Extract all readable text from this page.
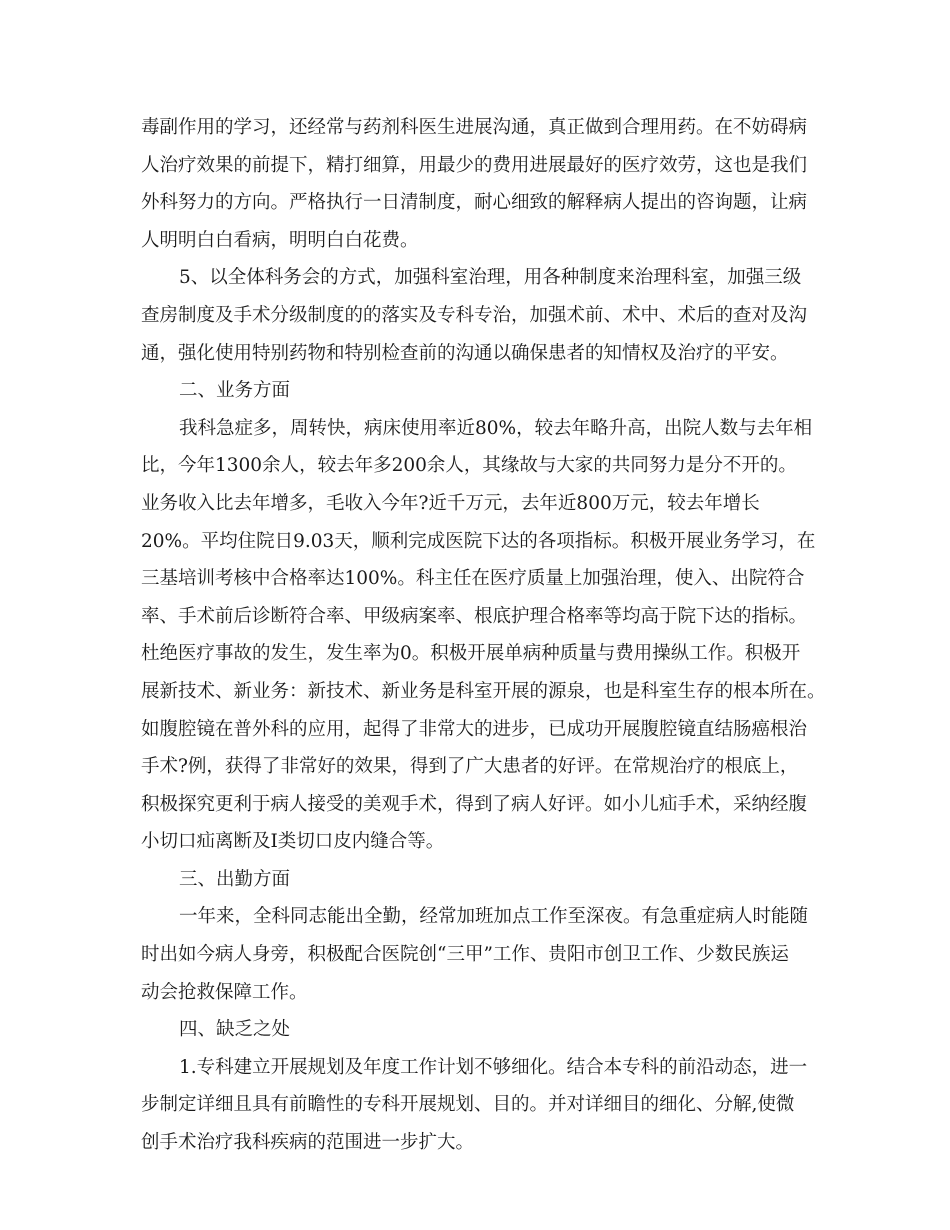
毒副作用的学习，还经常与药剂科医生进展沟通，真正做到合理用药。在不妨碍病
人治疗效果的前提下，精打细算，用最少的费用进展最好的医疗效劳，这也是我们
外科努力的方向。严格执行一日清制度，耐心细致的解释病人提出的咨询题，让病
人明明白白看病，明明白白花费。
5、以全体科务会的方式，加强科室治理，用各种制度来治理科室，加强三级
查房制度及手术分级制度的的落实及专科专治，加强术前、术中、术后的查对及沟
通，强化使用特别药物和特别检查前的沟通以确保患者的知情权及治疗的平安。
二、业务方面
我科急症多，周转快，病床使用率近80%，较去年略升高，出院人数与去年相
比，今年1300余人，较去年多200余人，其缘故与大家的共同努力是分不开的。
业务收入比去年增多，毛收入今年?近千万元，去年近800万元，较去年增长
20%。平均住院日9.03天，顺利完成医院下达的各项指标。积极开展业务学习，在
三基培训考核中合格率达100%。科主任在医疗质量上加强治理，使入、出院符合
率、手术前后诊断符合率、甲级病案率、根底护理合格率等均高于院下达的指标。
杜绝医疗事故的发生，发生率为0。积极开展单病种质量与费用操纵工作。积极开
展新技术、新业务：新技术、新业务是科室开展的源泉，也是科室生存的根本所在。
如腹腔镜在普外科的应用，起得了非常大的进步，已成功开展腹腔镜直结肠癌根治
手术?例，获得了非常好的效果，得到了广大患者的好评。在常规治疗的根底上，
积极探究更利于病人接受的美观手术，得到了病人好评。如小儿疝手术，采纳经腹
小切口疝离断及I类切口皮内缝合等。
三、出勤方面
一年来，全科同志能出全勤，经常加班加点工作至深夜。有急重症病人时能随
时出如今病人身旁，积极配合医院创“三甲”工作、贵阳市创卫工作、少数民族运
动会抢救保障工作。
四、缺乏之处
1.专科建立开展规划及年度工作计划不够细化。结合本专科的前沿动态，进一
步制定详细且具有前瞻性的专科开展规划、目的。并对详细目的细化、分解,使微
创手术治疗我科疾病的范围进一步扩大。
